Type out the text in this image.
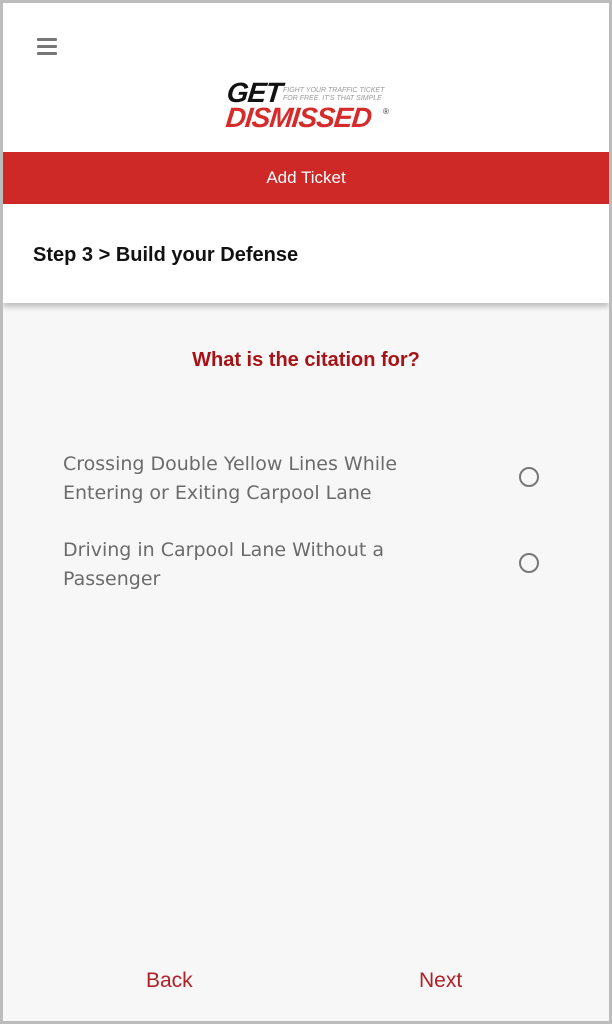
GET FIGHT YOUR TRAFFIC TICKET FOR FREE. IT'S THAT SIMPLE
DISMISSED ®
Add Ticket
Step 3 > Build your Defense
What is the citation for?
Crossing Double Yellow Lines While Entering or Exiting Carpool Lane
Driving in Carpool Lane Without a Passenger
Back	Next
